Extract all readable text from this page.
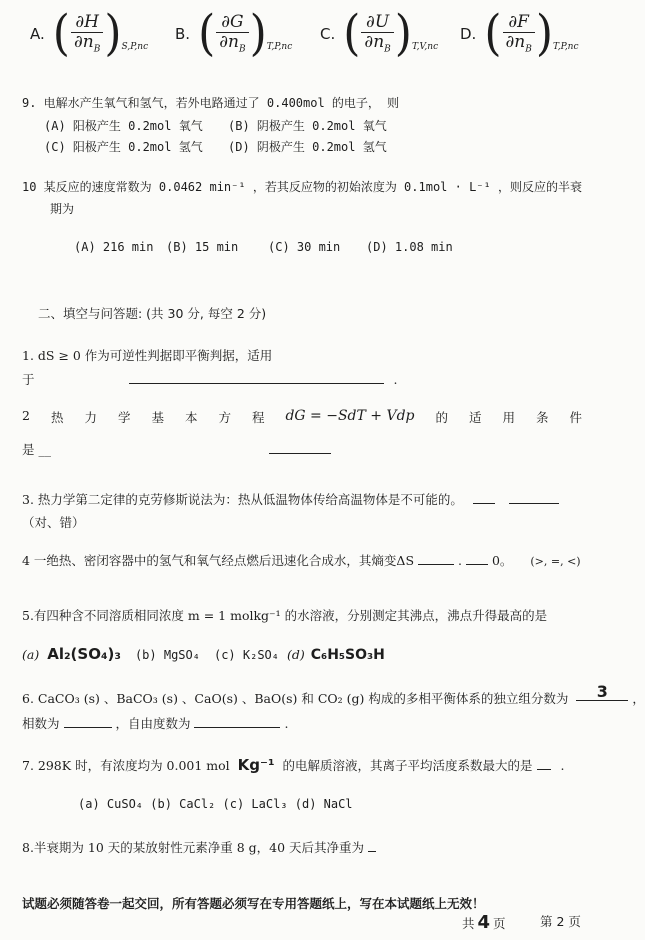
A. ( $\frac{\partial H}{\partial n_B}$ ) S,P,nc
B. ( $\frac{\partial G}{\partial n_B}$ ) T,P,nc
C. ( $\frac{\partial U}{\partial n_B}$ ) T,V,nc
D. ( $\frac{\partial F}{\partial n_B}$ ) T,P,nc
9. 电解水产生氧气和氢气，若外电路通过了 0.400mol 的电子， 则
(A) 阳极产生 0.2mol 氧气 (B) 阴极产生 0.2mol 氧气
(C) 阳极产生 0.2mol 氢气 (D) 阴极产生 0.2mol 氢气
10 某反应的速度常数为 0.0462 min⁻¹ ，若其反应物的初始浓度为 0.1mol · L⁻¹ ，则反应的半衰
期为
(A) 216 min (B) 15 min (C) 30 min (D) 1.08 min
二、填空与问答题: (共 30 分, 每空 2 分)
1. dS ≥ 0 作为可逆性判据即平衡判据，适用
于	.
2 热 力 学 基 本 方 程 dG = −SdT + Vdp 的 适 用 条 件
是 __
3. 热力学第二定律的克劳修斯说法为：热从低温物体传给高温物体是不可能的。
（对、错）
4 一绝热、密闭容器中的氢气和氧气经点燃后迅速化合成水，其熵变ΔS	.  0。 (>, =, <)
5.有四种含不同溶质相同浓度 m = 1 molkg⁻¹ 的水溶液，分别测定其沸点，沸点升得最高的是
(a) Al₂(SO₄)₃ (b) MgSO₄ (c) K₂SO₄ (d) C₆H₅SO₃H
6. CaCO₃ (s) 、BaCO₃ (s) 、CaO(s) 、BaO(s) 和 CO₂ (g) 构成的多相平衡体系的独立组分数为 3 ，
相数为	，自由度数为	.
7. 298K 时，有浓度均为 0.001 mol Kg⁻¹ 的电解质溶液，其离子平均活度系数最大的是 .
(a) CuSO₄ (b) CaCl₂ (c) LaCl₃ (d) NaCl
8.半衰期为 10 天的某放射性元素净重 8 g，40 天后其净重为
试题必须随答卷一起交回，所有答题必须写在专用答题纸上，写在本试题纸上无效！
共 4 页	第 2 页
